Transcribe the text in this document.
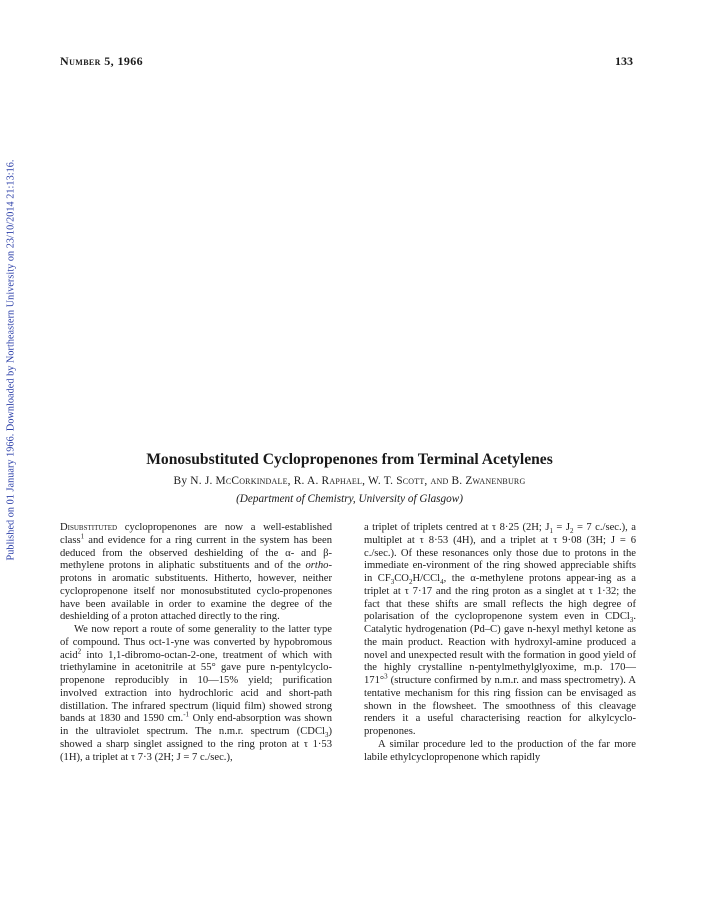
Published on 01 January 1966. Downloaded by Northeastern University on 23/10/2014 21:13:16.
Number 5, 1966	133
Monosubstituted Cyclopropenones from Terminal Acetylenes
By N. J. McCorkindale, R. A. Raphael, W. T. Scott, and B. Zwanenburg
(Department of Chemistry, University of Glasgow)

Disubstituted cyclopropenones are now a well-established class$^1$ and evidence for a ring current in the system has been deduced from the observed deshielding of the α- and β-methylene protons in aliphatic substituents and of the ortho-protons in aromatic substituents. Hitherto, however, neither cyclopropenone itself nor monosubstituted cyclo-propenones have been available in order to examine the degree of the deshielding of a proton attached directly to the ring.

We now report a route of some generality to the latter type of compound. Thus oct-1-yne was converted by hypobromous acid$^2$ into 1,1-dibromo-octan-2-one, treatment of which with triethylamine in acetonitrile at 55° gave pure n-pentylcyclo-propenone reproducibly in 10—15% yield; purification involved extraction into hydrochloric acid and short-path distillation. The infrared spectrum (liquid film) showed strong bands at 1830 and 1590 cm.$^{-1}$ Only end-absorption was shown in the ultraviolet spectrum. The n.m.r. spectrum (CDCl$_3$) showed a sharp singlet assigned to the ring proton at τ 1·53 (1H), a triplet at τ 7·3 (2H; J = 7 c./sec.),

a triplet of triplets centred at τ 8·25 (2H; $J_1 = J_2 = 7$ c./sec.), a multiplet at τ 8·53 (4H), and a triplet at τ 9·08 (3H; J = 6 c./sec.). Of these resonances only those due to protons in the immediate en-vironment of the ring showed appreciable shifts in $CF_3CO_2H/CCl_4$, the α-methylene protons appear-ing as a triplet at τ 7·17 and the ring proton as a singlet at τ 1·32; the fact that these shifts are small reflects the high degree of polarisation of the cyclopropenone system even in CDCl$_3$. Catalytic hydrogenation (Pd–C) gave n-hexyl methyl ketone as the main product. Reaction with hydroxyl-amine produced a novel and unexpected result with the formation in good yield of the highly crystalline n-pentylmethylglyoxime, m.p. 170—171°$^3$ (structure confirmed by n.m.r. and mass spectrometry). A tentative mechanism for this ring fission can be envisaged as shown in the flowsheet. The smoothness of this cleavage renders it a useful characterising reaction for alkylcyclo-propenones.

A similar procedure led to the production of the far more labile ethylcyclopropenone which rapidly
